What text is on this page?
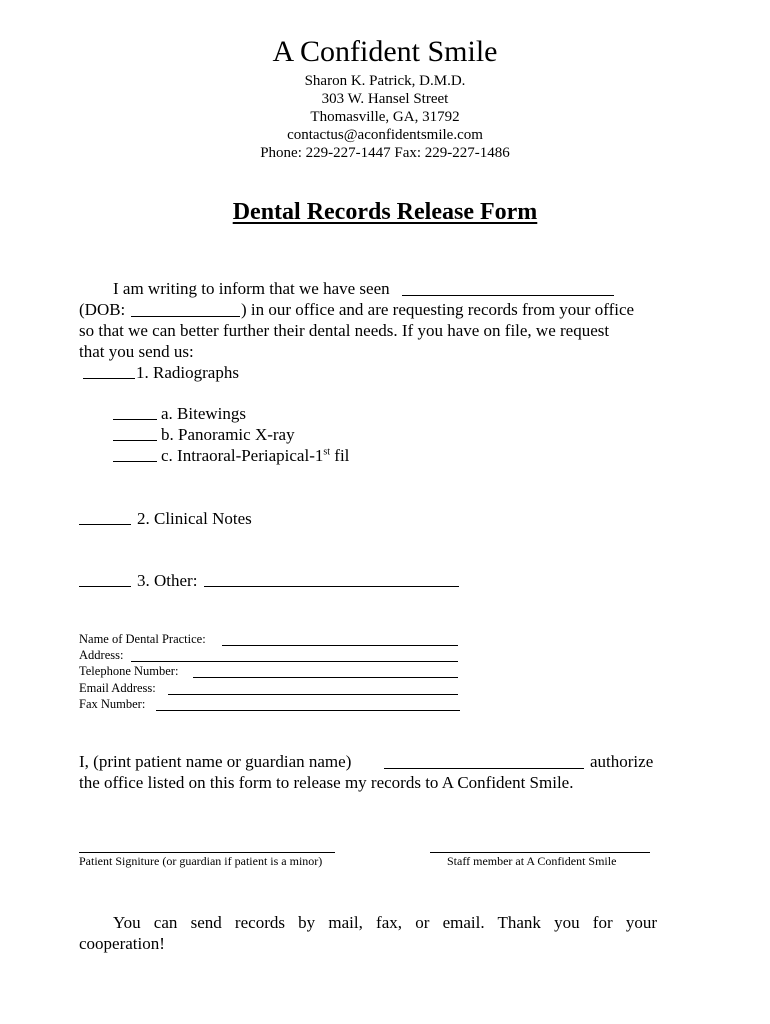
A Confident Smile
Sharon K. Patrick, D.M.D.
303 W. Hansel Street
Thomasville, GA, 31792
contactus@aconfidentsmile.com
Phone: 229-227-1447 Fax: 229-227-1486
Dental Records Release Form
I am writing to inform that we have seen
(DOB:	) in our office and are requesting records from your office
so that we can better further their dental needs. If you have on file, we request
that you send us:
1. Radiographs
a. Bitewings
b. Panoramic X-ray
c. Intraoral-Periapical-1st fil
2. Clinical Notes
3. Other:
Name of Dental Practice:
Address:
Telephone Number:
Email Address:
Fax Number:
I, (print patient name or guardian name)	authorize
the office listed on this form to release my records to A Confident Smile.
Patient Signiture (or guardian if patient is a minor)	Staff member at A Confident Smile
You can send records by mail, fax, or email. Thank you for your
cooperation!
